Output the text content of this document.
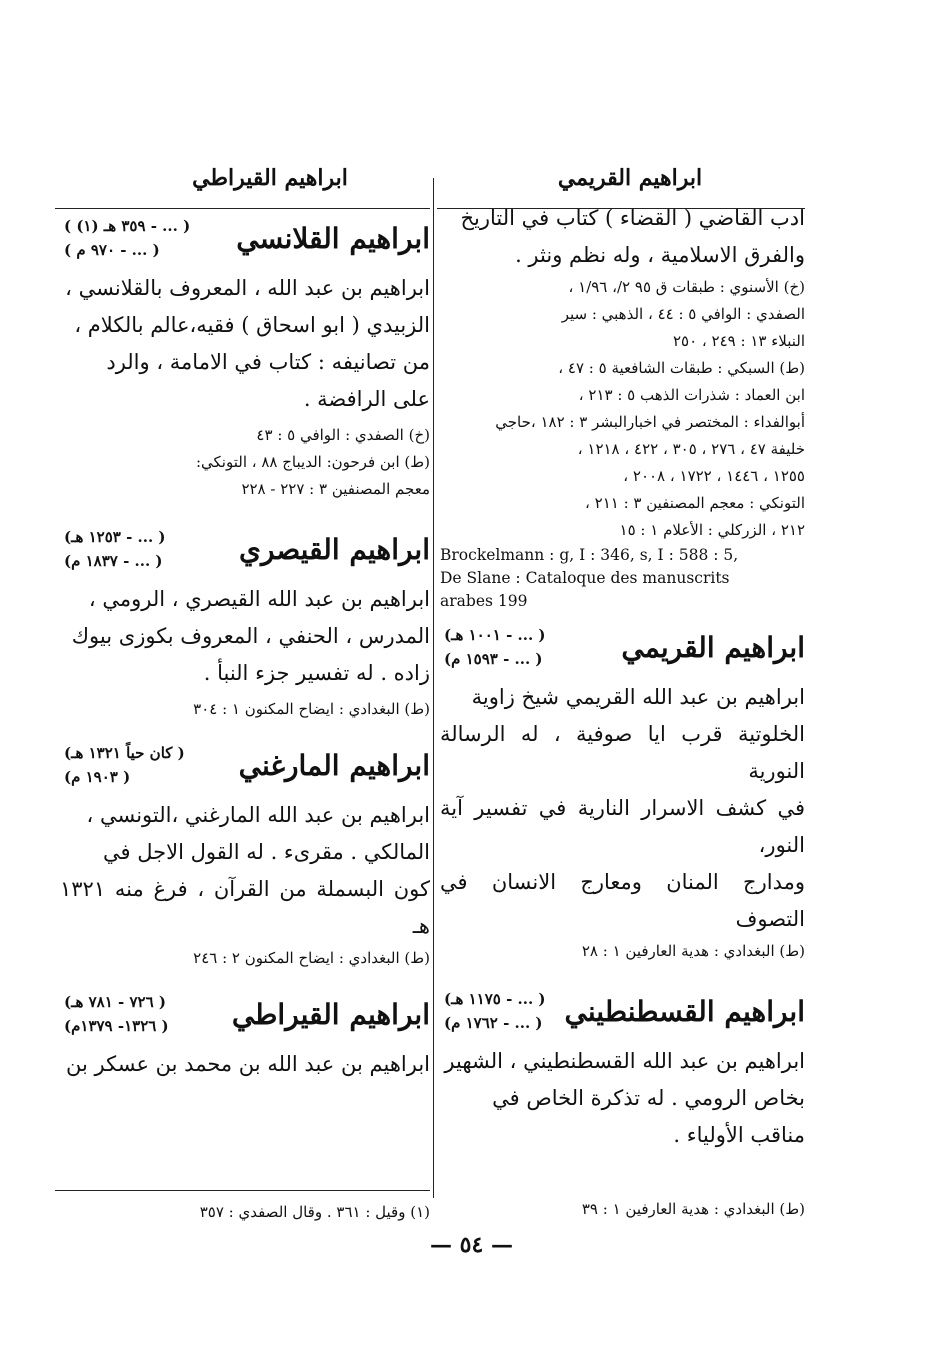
ابراهيم القريمي
ابراهيم القيراطي

ادب القاضي ( القضاء ) كتاب في التاريخ

والفرق الاسلامية ، وله نظم ونثر .

(خ) الأسنوي : طبقات ق ٩٥ ٢/، ١/٩٦ ،

الصفدي : الوافي ٥ : ٤٤ ، الذهبي : سير

النبلاء ١٣ : ٢٤٩ ، ٢٥٠

(ط) السبكي : طبقات الشافعية ٥ : ٤٧ ،

ابن العماد : شذرات الذهب ٥ : ٢١٣ ،

أبوالفداء : المختصر في اخبارالبشر ٣ : ١٨٢ ،حاجي

خليفة ٤٧ ، ٢٧٦ ، ٣٠٥ ، ٤٢٢ ، ١٢١٨ ،

١٢٥٥ ، ١٤٤٦ ، ١٧٢٢ ، ٢٠٠٨ ،

التونكي : معجم المصنفين ٣ : ٢١١ ،

٢١٢ ، الزركلي : الأعلام ١ : ١٥

Brockelmann : g, I : 346, s, I : 588 : 5,

De Slane : Cataloque des manuscrits

arabes 199

ابراهيم القريمي
( ... - ١٠٠١ هـ)
( ... - ١٥٩٣ م)

ابراهيم بن عبد الله القريمي شيخ زاوية

الخلوتية قرب ايا صوفية ، له الرسالة النورية

في كشف الاسرار النارية في تفسير آية النور،

ومدارج المنان ومعارج الانسان في التصوف

(ط) البغدادي : هدية العارفين ١ : ٢٨

ابراهيم القسطنطيني
( ... - ١١٧٥ هـ)
( ... - ١٧٦٢ م)

ابراهيم بن عبد الله القسطنطيني ، الشهير

بخاص الرومي . له تذكرة الخاص في

مناقب الأولياء .

(ط) البغدادي : هدية العارفين ١ : ٣٩
ابراهيم القلانسي
( ... - ٣٥٩ هـ (١) )
( ... - ٩٧٠ م )

ابراهيم بن عبد الله ، المعروف بالقلانسي ،

الزبيدي ( ابو اسحاق ) فقيه،عالم بالكلام ،

من تصانيفه : كتاب في الامامة ، والرد

على الرافضة .

(خ) الصفدي : الوافي ٥ : ٤٣

(ط) ابن فرحون: الديباج ٨٨ ، التونكي:

معجم المصنفين ٣ : ٢٢٧ - ٢٢٨

ابراهيم القيصري
( ... - ١٢٥٣ هـ)
( ... - ١٨٣٧ م)

ابراهيم بن عبد الله القيصري ، الرومي ،

المدرس ، الحنفي ، المعروف بكوزى بيوك

زاده . له تفسير جزء النبأ .

(ط) البغدادي : ايضاح المكنون ١ : ٣٠٤

ابراهيم المارغني
( كان حياً ١٣٢١ هـ)
( ١٩٠٣ م)

ابراهيم بن عبد الله المارغني ،التونسي ،

المالكي . مقرىء . له القول الاجل في

كون البسملة من القرآن ، فرغ منه ١٣٢١ هـ

(ط) البغدادي : ايضاح المكنون ٢ : ٢٤٦

ابراهيم القيراطي
( ٧٢٦ - ٧٨١ هـ)
( ١٣٢٦- ١٣٧٩م)

ابراهيم بن عبد الله بن محمد بن عسكر بن

(١) وقيل : ٣٦١ . وقال الصفدي : ٣٥٧
— ٥٤ —
